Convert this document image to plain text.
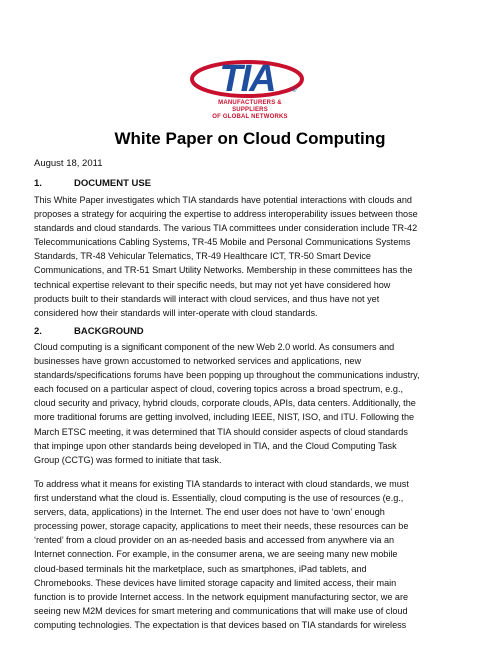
TIA	®
MANUFACTURERS & SUPPLIERS
OF GLOBAL NETWORKS
White Paper on Cloud Computing
August 18, 2011
1.	DOCUMENT USE
This White Paper investigates which TIA standards have potential interactions with clouds and
proposes a strategy for acquiring the expertise to address interoperability issues between those
standards and cloud standards. The various TIA committees under consideration include TR-42
Telecommunications Cabling Systems, TR-45 Mobile and Personal Communications Systems
Standards, TR-48 Vehicular Telematics, TR-49 Healthcare ICT, TR-50 Smart Device
Communications, and TR-51 Smart Utility Networks. Membership in these committees has the
technical expertise relevant to their specific needs, but may not yet have considered how
products built to their standards will interact with cloud services, and thus have not yet
considered how their standards will inter-operate with cloud standards.
2.	BACKGROUND
Cloud computing is a significant component of the new Web 2.0 world. As consumers and
businesses have grown accustomed to networked services and applications, new
standards/specifications forums have been popping up throughout the communications industry,
each focused on a particular aspect of cloud, covering topics across a broad spectrum, e.g.,
cloud security and privacy, hybrid clouds, corporate clouds, APIs, data centers. Additionally, the
more traditional forums are getting involved, including IEEE, NIST, ISO, and ITU. Following the
March ETSC meeting, it was determined that TIA should consider aspects of cloud standards
that impinge upon other standards being developed in TIA, and the Cloud Computing Task
Group (CCTG) was formed to initiate that task.
To address what it means for existing TIA standards to interact with cloud standards, we must
first understand what the cloud is. Essentially, cloud computing is the use of resources (e.g.,
servers, data, applications) in the Internet. The end user does not have to ‘own’ enough
processing power, storage capacity, applications to meet their needs, these resources can be
‘rented’ from a cloud provider on an as-needed basis and accessed from anywhere via an
Internet connection. For example, in the consumer arena, we are seeing many new mobile
cloud-based terminals hit the marketplace, such as smartphones, iPad tablets, and
Chromebooks. These devices have limited storage capacity and limited access, their main
function is to provide Internet access. In the network equipment manufacturing sector, we are
seeing new M2M devices for smart metering and communications that will make use of cloud
computing technologies. The expectation is that devices based on TIA standards for wireless
